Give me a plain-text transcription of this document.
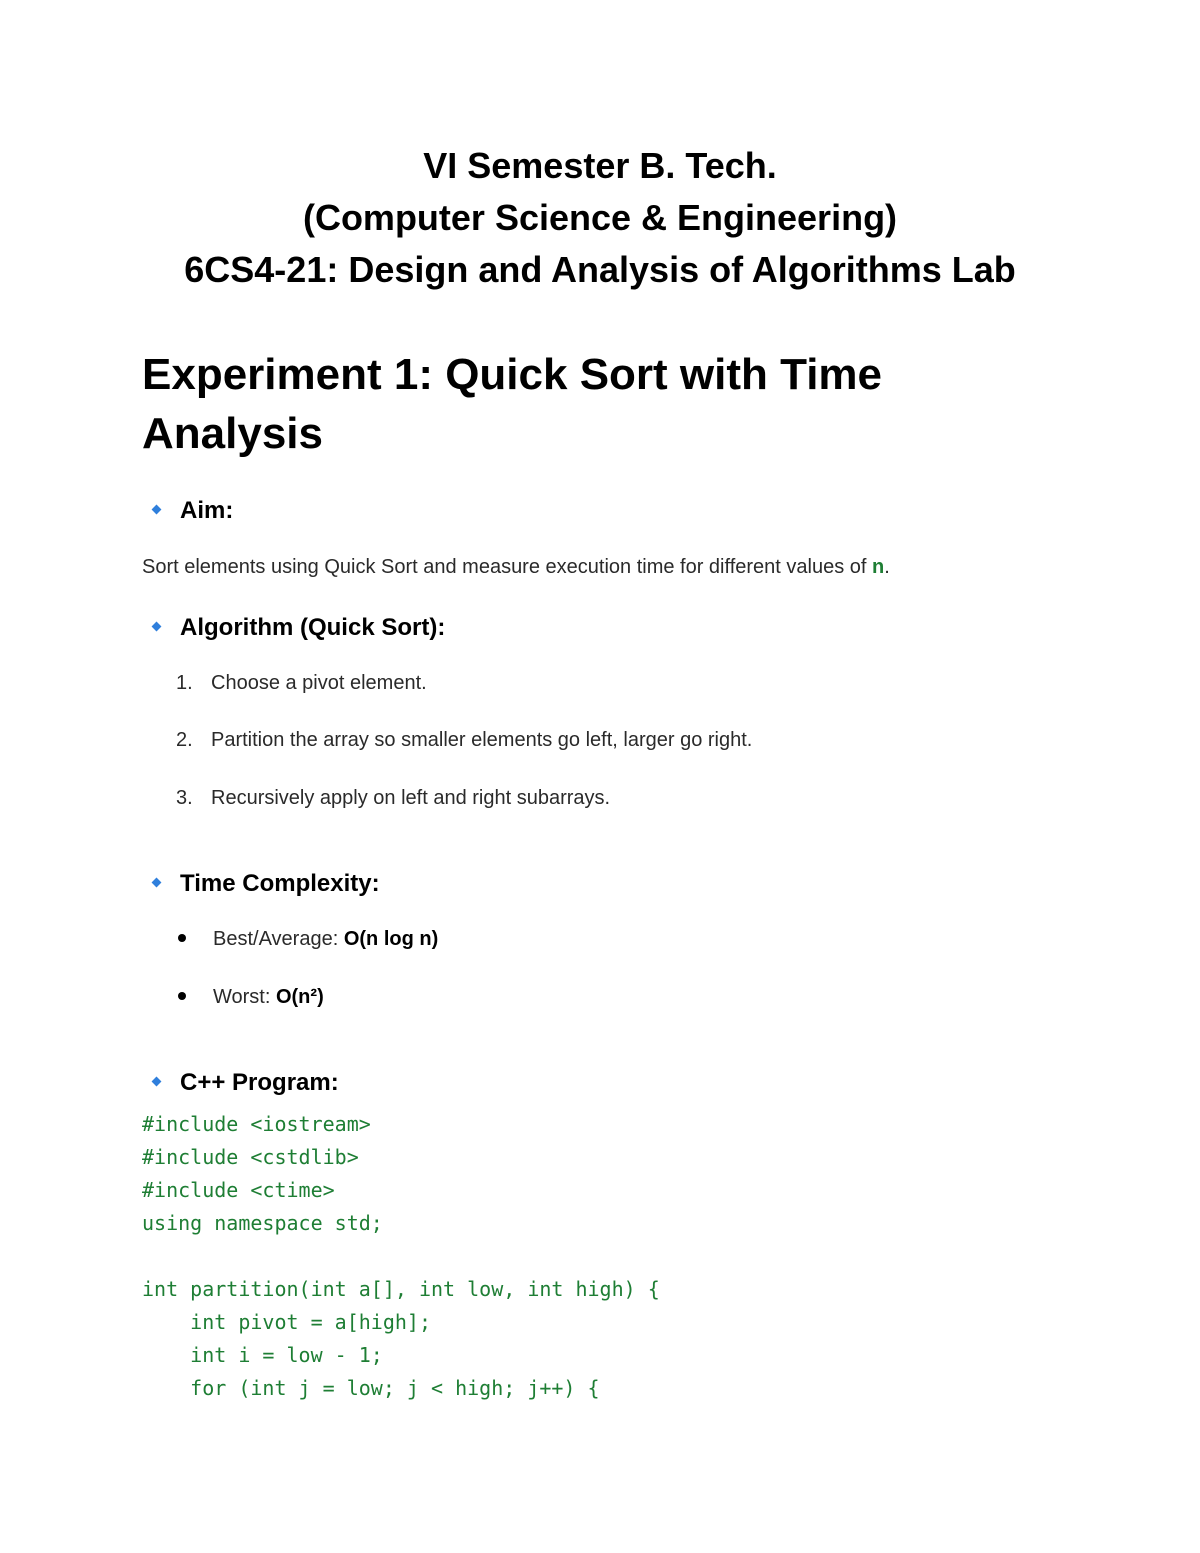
VI Semester B. Tech.

(Computer Science & Engineering)

6CS4-21: Design and Analysis of Algorithms Lab

Experiment 1: Quick Sort with Time Analysis
Aim:
Sort elements using Quick Sort and measure execution time for different values of n.
Algorithm (Quick Sort):
1. Choose a pivot element.
2. Partition the array so smaller elements go left, larger go right.
3. Recursively apply on left and right subarrays.
Time Complexity:
Best/Average: O(n log n)
Worst: O(n²)
C++ Program:
#include <iostream>
#include <cstdlib>
#include <ctime>
using namespace std;
int partition(int a[], int low, int high) {
int pivot = a[high];
int i = low - 1;
for (int j = low; j < high; j++) {
